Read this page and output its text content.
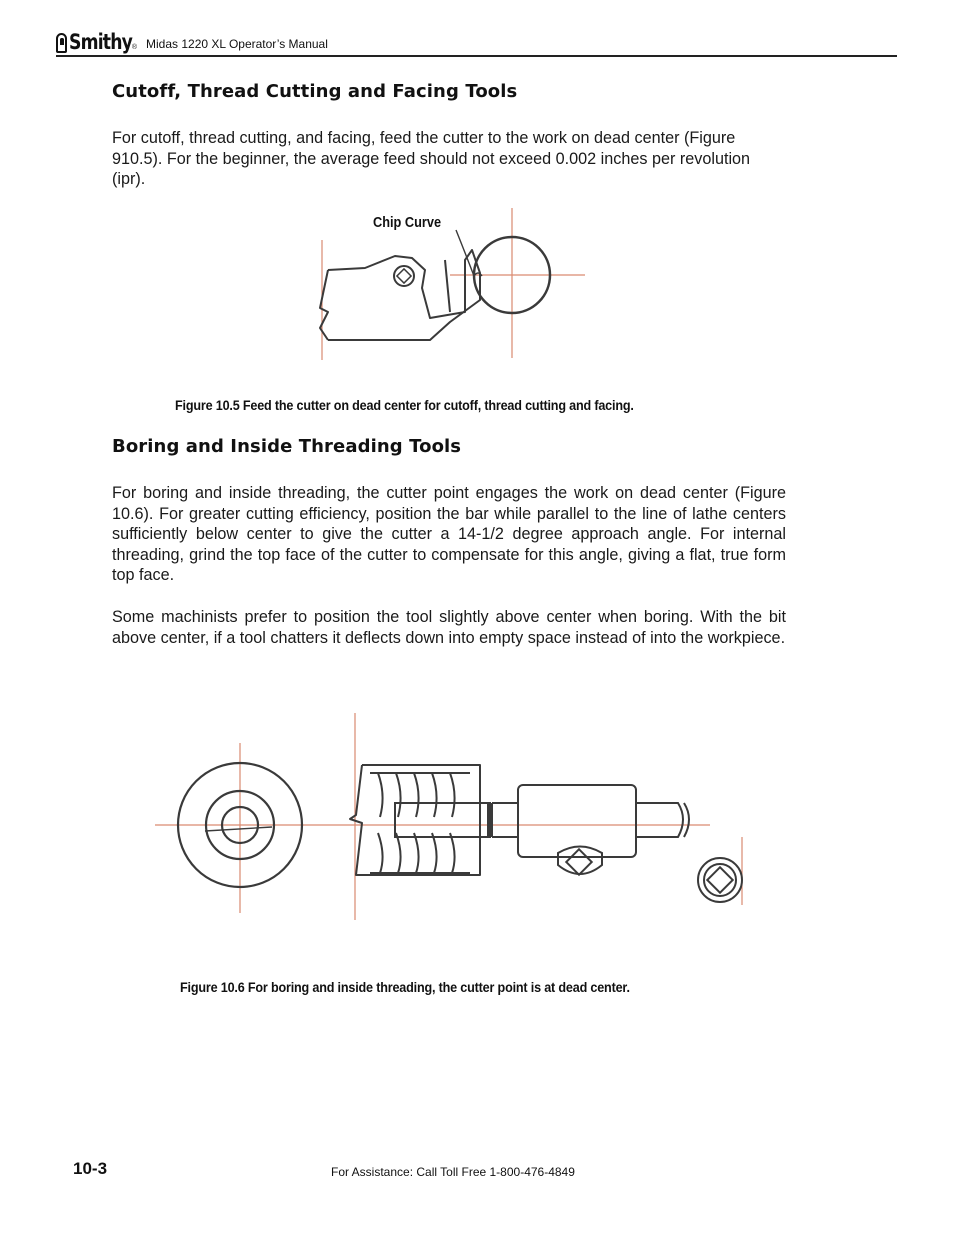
Smithy ® Midas 1220 XL Operator’s Manual
Cutoff, Thread Cutting and Facing Tools

For cutoff, thread cutting, and facing, feed the cutter to the work on dead center (Figure 910.5). For the beginner, the average feed should not exceed 0.002 inches per revolution (ipr).

Chip Curve
Figure 10.5 Feed the cutter on dead center for cutoff, thread cutting and facing.
Boring and Inside Threading Tools

For boring and inside threading, the cutter point engages the work on dead center (Figure 10.6). For greater cutting efficiency, position the bar while parallel to the line of lathe centers sufficiently below center to give the cutter a 14-1/2 degree approach angle. For internal threading, grind the top face of the cutter to compensate for this angle, giving a flat, true form top face.

Some machinists prefer to position the tool slightly above center when boring. With the bit above center, if a tool chatters it deflects down into empty space instead of into the workpiece.

Figure 10.6 For boring and inside threading, the cutter point is at dead center.
10-3	For Assistance: Call Toll Free 1-800-476-4849
